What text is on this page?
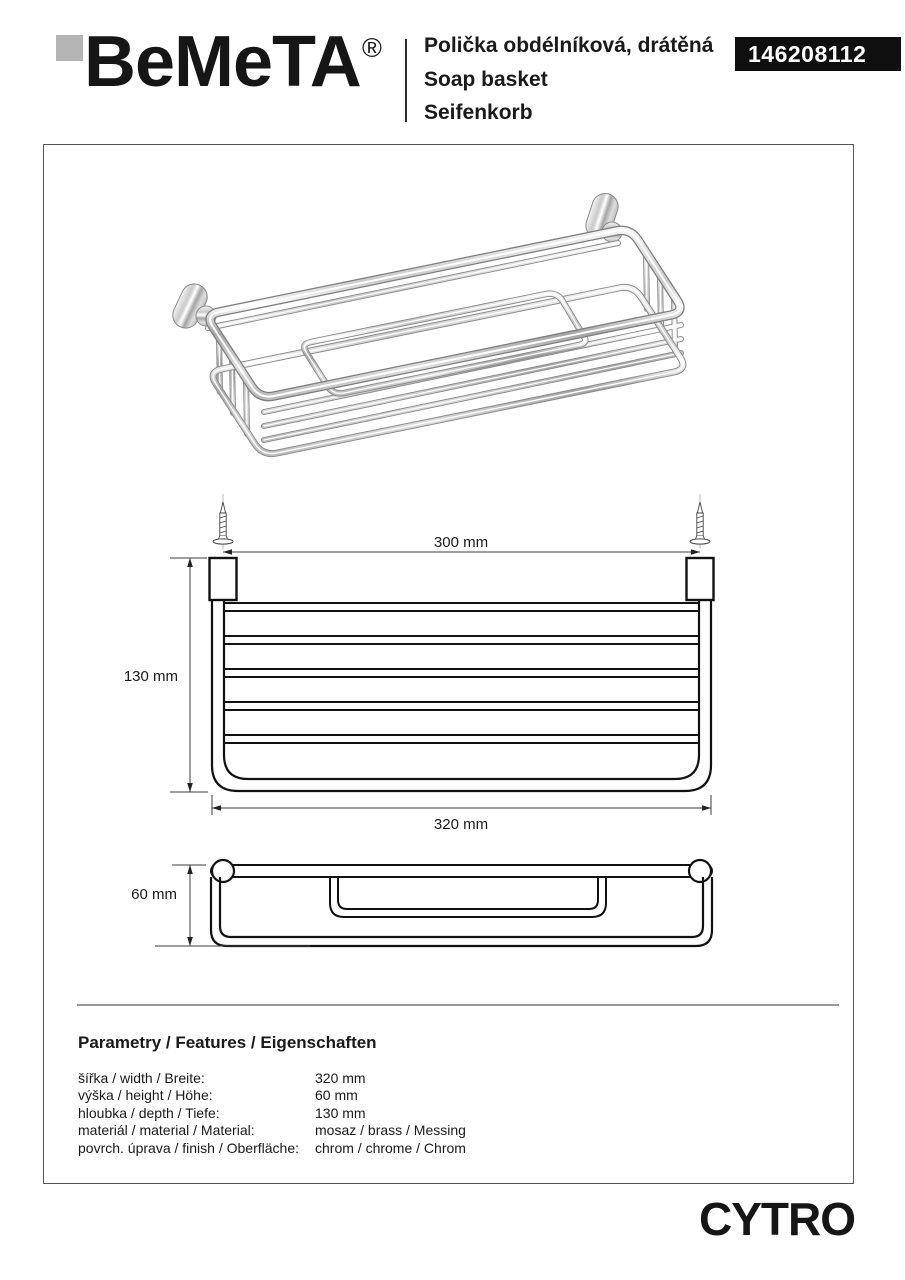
BeMeTA ® Polička obdélníková, drátěná
Soap basket
Seifenkorb
146208112
300 mm
130 mm
320 mm
60 mm
Parametry / Features / Eigenschaften
šířka / width / Breite:	320 mm
výška / height / Höhe:	60 mm
hloubka / depth / Tiefe:	130 mm
materiál / material / Material:	mosaz / brass / Messing
povrch. úprava / finish / Oberfläche:	chrom / chrome / Chrom
CYTRO
